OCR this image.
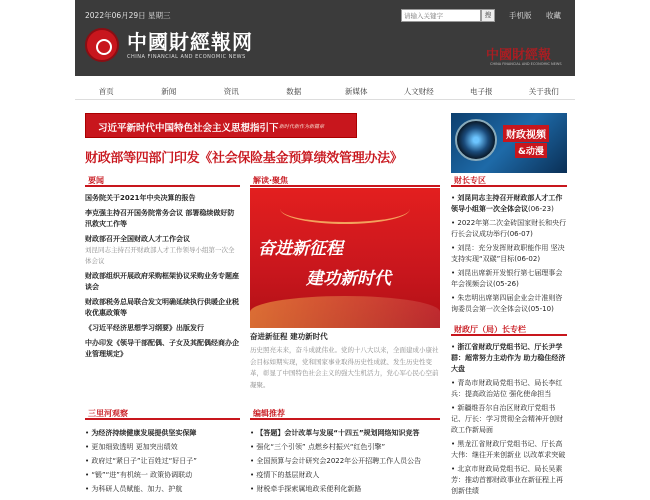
2022年06月29日 星期三
请输入关键字	搜	手机版 收藏
中國財經報网
CHINA FINANCIAL AND ECONOMIC NEWS	中國財經報
CHINA FINANCIAL AND ECONOMIC NEWS
首页	新闻	资讯	数据	新媒体	人文财经	电子报	关于我们
习近平新时代中国特色社会主义思想指引下 新时代新作为新篇章
财政部等四部门印发《社会保险基金预算绩效管理办法》
财政视频
&动漫
要闻
国务院关于2021年中央决算的报告
李克强主持召开国务院常务会议 部署稳续做好防汛救灾工作等
财政部召开全国财政人才工作会议
刘昆同志主持召开财政部人才工作领导小组第一次全体会议
财政部组织开展政府采购框架协议采购业务专题座谈会
财政部税务总局联合发文明确延续执行供暖企业税收优惠政策等
《习近平经济思想学习纲要》出版发行
中办印发《领导干部配偶、子女及其配偶经商办企业管理规定》
解读·聚焦
奋进新征程
建功新时代
奋进新征程 建功新时代
历史照亮未来，奋斗成就伟业。党的十八大以来，全面建成小康社会目标如期实现，党和国家事业取得历史性成就、发生历史性变革，彰显了中国特色社会主义的强大生机活力，党心军心民心空前凝聚。
财长专区
• 刘昆同志主持召开财政部人才工作领导小组第一次全体会议(06-23)
• 2022年第二次金砖国家财长和央行行长会议成功举行(06-07)
• 刘昆：充分发挥财政职能作用 坚决支持实现“双碳”目标(06-02)
• 刘昆出席新开发银行第七届理事会年会视频会议(05-26)
• 朱忠明出席第四届企业会计准则咨询委员会第一次全体会议(05-10)
财政厅（局）长专栏
• 浙江省财政厅党组书记、厅长尹学群：超常努力主动作为 助力稳住经济大盘
• 青岛市财政局党组书记、局长李红兵：提高政治站位 强化使命担当
• 新疆维吾尔自治区财政厅党组书记、厅长：学习贯彻全会精神开创财政工作新局面
• 黑龙江省财政厅党组书记、厅长高大伟：继往开来创新业 以改革求突破
• 北京市财政局党组书记、局长吴素芳：推动首都财政事业在新征程上再创新佳绩
三里河观察
• 为经济持续健康发展提供坚实保障
• 更加细致透明 更加突出绩效
• 政府过“紧日子”让百姓过“好日子”
• “锻”“进”有机统一 政策协调联动
• 为科研人员赋能、加力、护航
编辑推荐
• 【答题】会计改革与发展“十四五”规划网络知识竞答
• 强化“三个引领” 点燃乡村振兴“红色引擎”
• 全国预算与会计研究会2022年公开招聘工作人员公告
• 疫情下的基层财政人
• 财税牵手探索属地政采便利化新路
